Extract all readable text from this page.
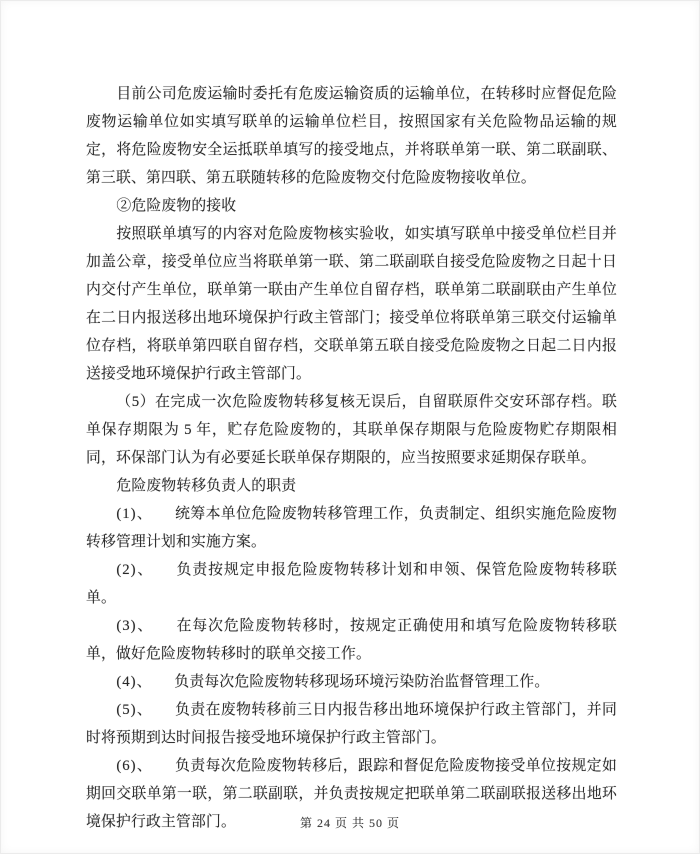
目前公司危废运输时委托有危废运输资质的运输单位，在转移时应督促危险废物运输单位如实填写联单的运输单位栏目，按照国家有关危险物品运输的规定，将危险废物安全运抵联单填写的接受地点，并将联单第一联、第二联副联、第三联、第四联、第五联随转移的危险废物交付危险废物接收单位。

②危险废物的接收

按照联单填写的内容对危险废物核实验收，如实填写联单中接受单位栏目并加盖公章，接受单位应当将联单第一联、第二联副联自接受危险废物之日起十日内交付产生单位，联单第一联由产生单位自留存档，联单第二联副联由产生单位在二日内报送移出地环境保护行政主管部门；接受单位将联单第三联交付运输单位存档，将联单第四联自留存档，交联单第五联自接受危险废物之日起二日内报送接受地环境保护行政主管部门。

（5）在完成一次危险废物转移复核无误后，自留联原件交安环部存档。联单保存期限为 5 年，贮存危险废物的，其联单保存期限与危险废物贮存期限相同，环保部门认为有必要延长联单保存期限的，应当按照要求延期保存联单。

危险废物转移负责人的职责

(1)、 统筹本单位危险废物转移管理工作，负责制定、组织实施危险废物转移管理计划和实施方案。

(2)、 负责按规定申报危险废物转移计划和申领、保管危险废物转移联单。

(3)、 在每次危险废物转移时，按规定正确使用和填写危险废物转移联单，做好危险废物转移时的联单交接工作。

(4)、 负责每次危险废物转移现场环境污染防治监督管理工作。

(5)、 负责在废物转移前三日内报告移出地环境保护行政主管部门，并同时将预期到达时间报告接受地环境保护行政主管部门。

(6)、 负责每次危险废物转移后，跟踪和督促危险废物接受单位按规定如期回交联单第一联，第二联副联，并负责按规定把联单第二联副联报送移出地环境保护行政主管部门。	第 24 页 共 50 页
